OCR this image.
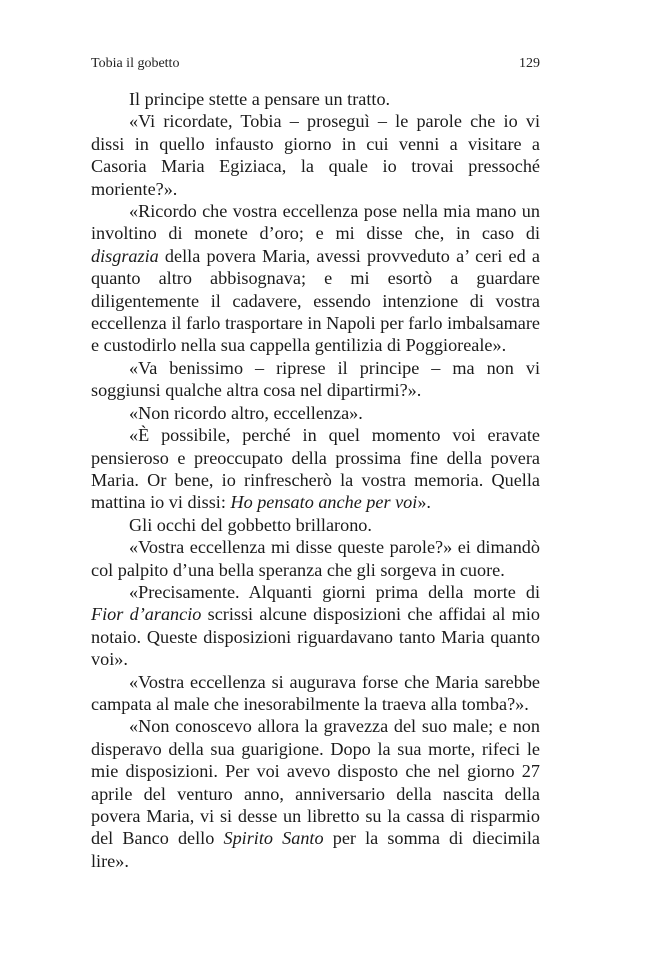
Tobia il gobetto	129

Il principe stette a pensare un tratto.

«Vi ricordate, Tobia – proseguì – le parole che io vi dissi in quello infausto giorno in cui venni a visitare a Casoria Maria Egiziaca, la quale io trovai pressoché moriente?».

«Ricordo che vostra eccellenza pose nella mia mano un involtino di monete d’oro; e mi disse che, in caso di disgrazia della povera Maria, avessi provveduto a’ ceri ed a quanto altro abbisognava; e mi esortò a guardare diligentemente il cadavere, essendo intenzione di vostra eccellenza il farlo trasportare in Napoli per farlo imbalsamare e custodirlo nella sua cappella gentilizia di Poggioreale».

«Va benissimo – riprese il principe – ma non vi soggiunsi qualche altra cosa nel dipartirmi?».

«Non ricordo altro, eccellenza».

«È possibile, perché in quel momento voi eravate pensieroso e preoccupato della prossima fine della povera Maria. Or bene, io rinfrescherò la vostra memoria. Quella mattina io vi dissi: Ho pensato anche per voi».

Gli occhi del gobbetto brillarono.

«Vostra eccellenza mi disse queste parole?» ei dimandò col palpito d’una bella speranza che gli sorgeva in cuore.

«Precisamente. Alquanti giorni prima della morte di Fior d’arancio scrissi alcune disposizioni che affidai al mio notaio. Queste disposizioni riguardavano tanto Maria quanto voi».

«Vostra eccellenza si augurava forse che Maria sarebbe campata al male che inesorabilmente la traeva alla tomba?».

«Non conoscevo allora la gravezza del suo male; e non disperavo della sua guarigione. Dopo la sua morte, rifeci le mie disposizioni. Per voi avevo disposto che nel giorno 27 aprile del venturo anno, anniversario della nascita della povera Maria, vi si desse un libretto su la cassa di risparmio del Banco dello Spirito Santo per la somma di diecimila lire».
